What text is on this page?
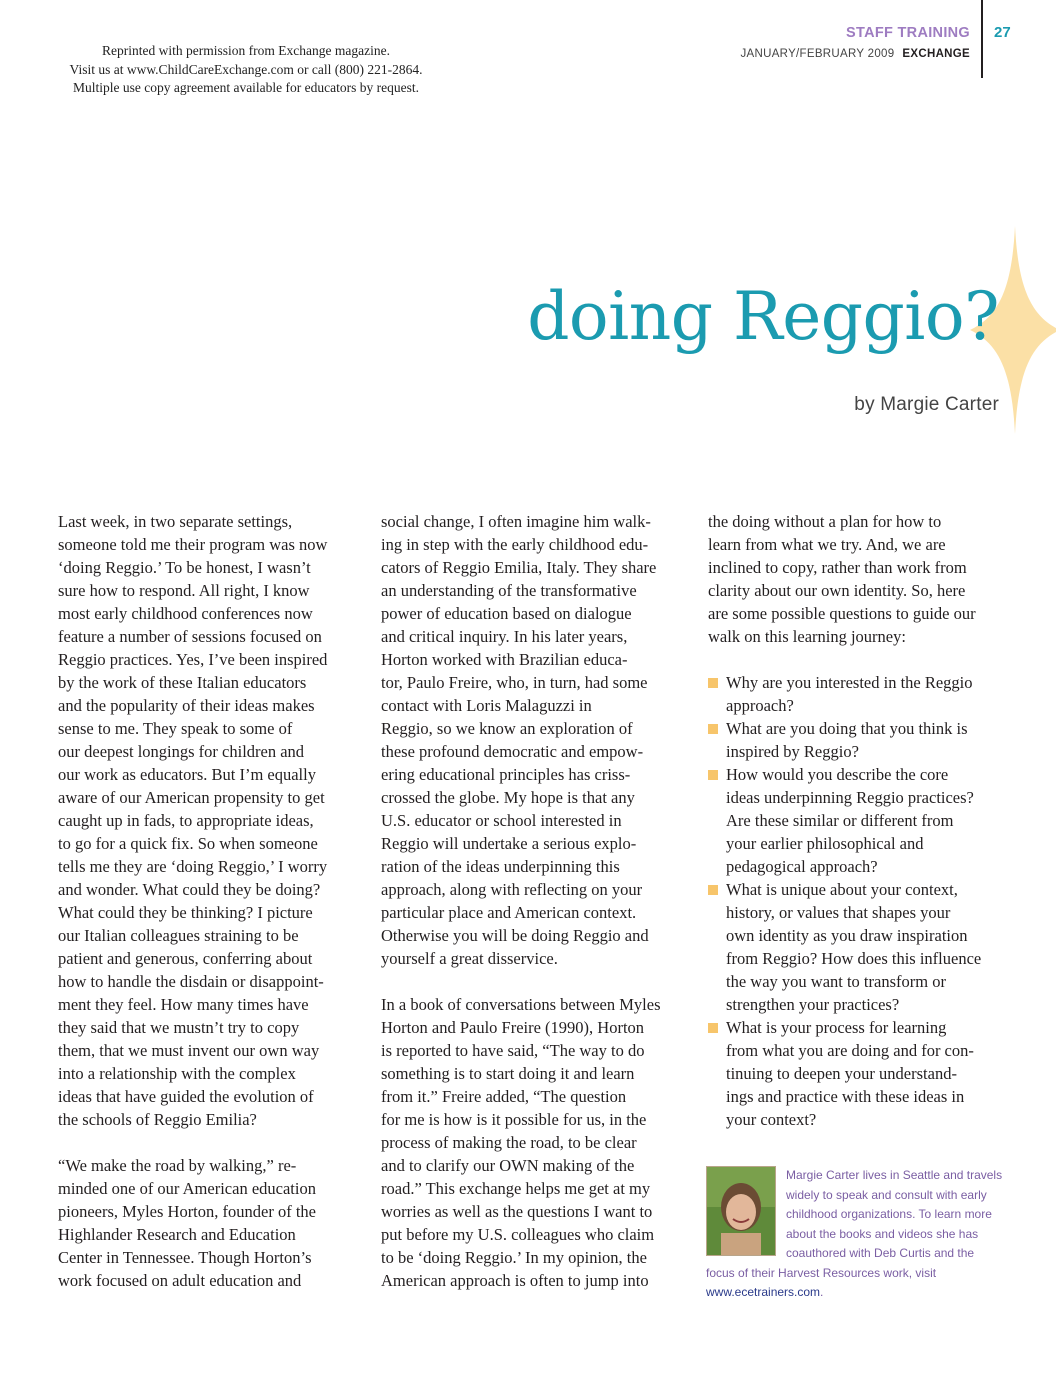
Reprinted with permission from Exchange magazine.
Visit us at www.ChildCareExchange.com or call (800) 221-2864.
Multiple use copy agreement available for educators by request.
STAFF TRAINING
JANUARY/FEBRUARY 2009 EXCHANGE
27
doing Reggio?
by Margie Carter

Last week, in two separate settings,
someone told me their program was now
‘doing Reggio.’ To be honest, I wasn’t
sure how to respond. All right, I know
most early childhood conferences now
feature a number of sessions focused on
Reggio practices. Yes, I’ve been inspired
by the work of these Italian educators
and the popularity of their ideas makes
sense to me. They speak to some of
our deepest longings for children and
our work as educators. But I’m equally
aware of our American propensity to get
caught up in fads, to appropriate ideas,
to go for a quick fix. So when someone
tells me they are ‘doing Reggio,’ I worry
and wonder. What could they be doing?
What could they be thinking? I picture
our Italian colleagues straining to be
patient and generous, conferring about
how to handle the disdain or disappoint-
ment they feel. How many times have
they said that we mustn’t try to copy
them, that we must invent our own way
into a relationship with the complex
ideas that have guided the evolution of
the schools of Reggio Emilia?

“We make the road by walking,” re-
minded one of our American education
pioneers, Myles Horton, founder of the
Highlander Research and Education
Center in Tennessee. Though Horton’s
work focused on adult education and

social change, I often imagine him walk-
ing in step with the early childhood edu-
cators of Reggio Emilia, Italy. They share
an understanding of the transformative
power of education based on dialogue
and critical inquiry. In his later years,
Horton worked with Brazilian educa-
tor, Paulo Freire, who, in turn, had some
contact with Loris Malaguzzi in
Reggio, so we know an exploration of
these profound democratic and empow-
ering educational principles has criss-
crossed the globe. My hope is that any
U.S. educator or school interested in
Reggio will undertake a serious explo-
ration of the ideas underpinning this
approach, along with reflecting on your
particular place and American context.
Otherwise you will be doing Reggio and
yourself a great disservice.

In a book of conversations between Myles
Horton and Paulo Freire (1990), Horton
is reported to have said, “The way to do
something is to start doing it and learn
from it.” Freire added, “The question
for me is how is it possible for us, in the
process of making the road, to be clear
and to clarify our OWN making of the
road.” This exchange helps me get at my
worries as well as the questions I want to
put before my U.S. colleagues who claim
to be ‘doing Reggio.’ In my opinion, the
American approach is often to jump into

the doing without a plan for how to
learn from what we try. And, we are
inclined to copy, rather than work from
clarity about our own identity. So, here
are some possible questions to guide our
walk on this learning journey:

Why are you interested in the Reggio
approach?
What are you doing that you think is
inspired by Reggio?
How would you describe the core
ideas underpinning Reggio practices?
Are these similar or different from
your earlier philosophical and
pedagogical approach?
What is unique about your context,
history, or values that shapes your
own identity as you draw inspiration
from Reggio? How does this influence
the way you want to transform or
strengthen your practices?
What is your process for learning
from what you are doing and for con-
tinuing to deepen your understand-
ings and practice with these ideas in
your context?
Margie Carter lives in Seattle and travels
widely to speak and consult with early
childhood organizations. To learn more
about the books and videos she has
coauthored with Deb Curtis and the
focus of their Harvest Resources work, visit
www.ecetrainers.com.
